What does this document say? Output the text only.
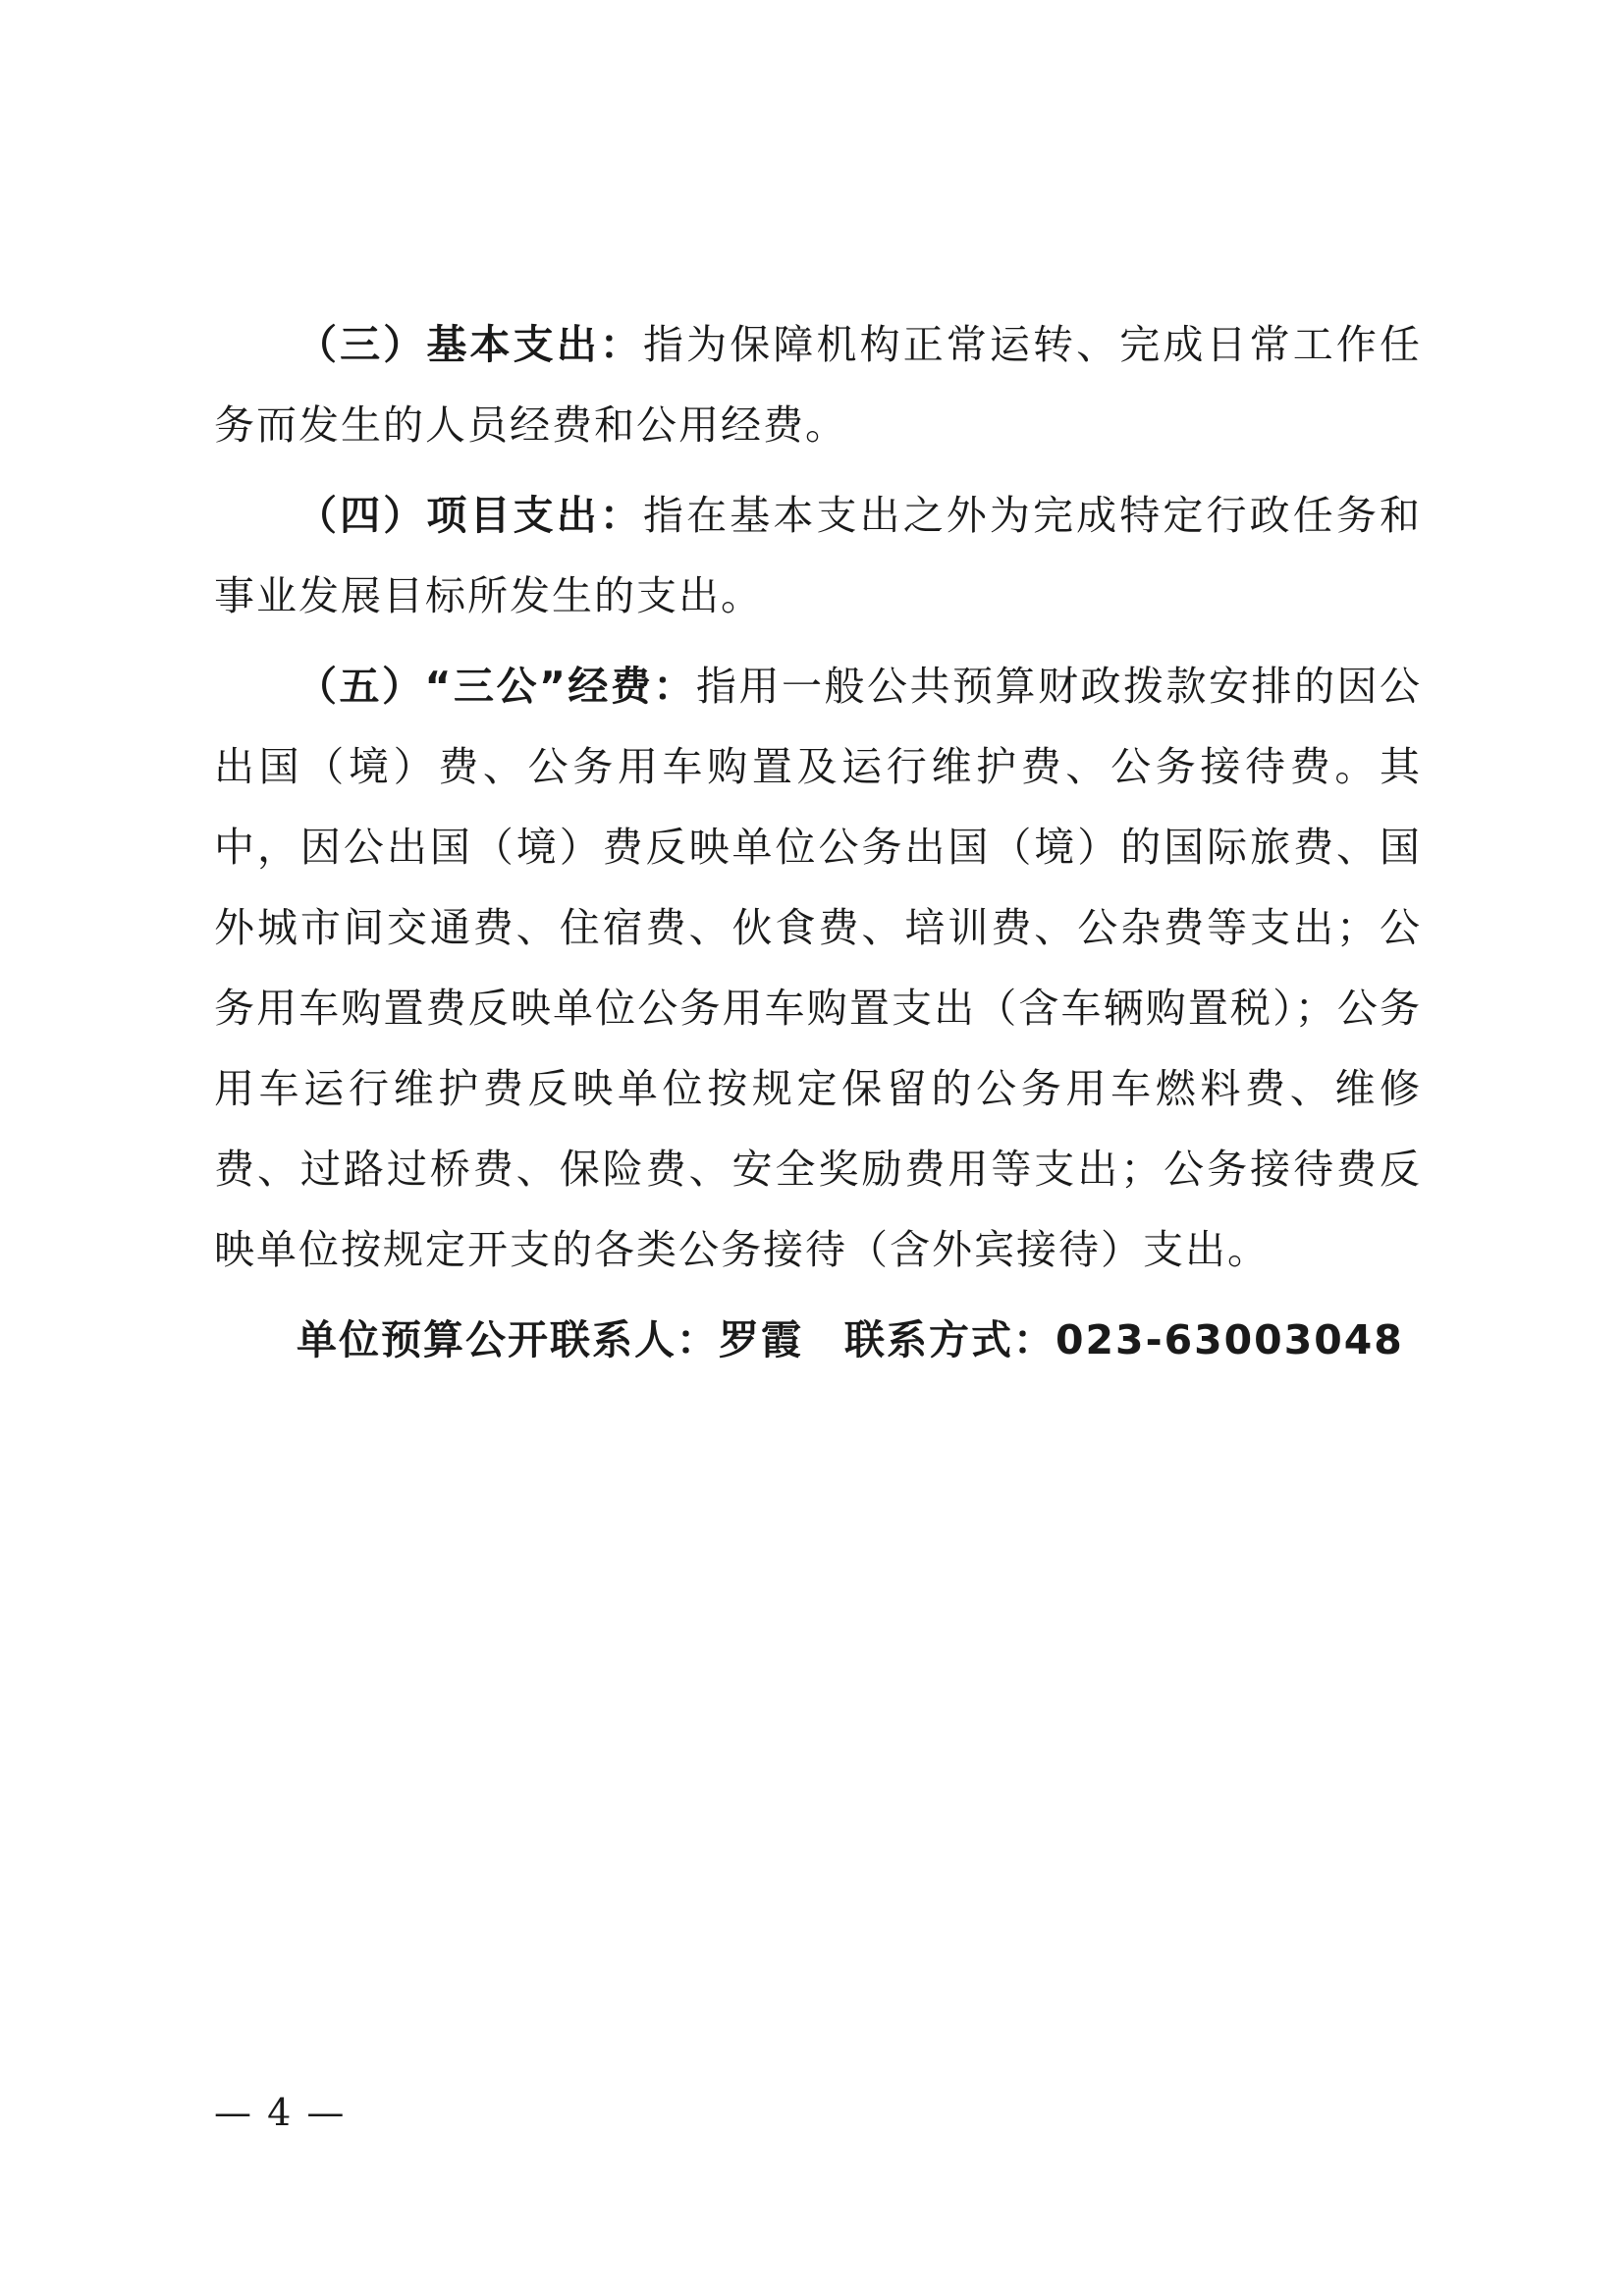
（三）基本支出：指为保障机构正常运转、完成日常工作任务而发生的人员经费和公用经费。

（四）项目支出：指在基本支出之外为完成特定行政任务和事业发展目标所发生的支出。

（五）“三公”经费：指用一般公共预算财政拨款安排的因公出国（境）费、公务用车购置及运行维护费、公务接待费。其中，因公出国（境）费反映单位公务出国（境）的国际旅费、国外城市间交通费、住宿费、伙食费、培训费、公杂费等支出；公务用车购置费反映单位公务用车购置支出（含车辆购置税）；公务用车运行维护费反映单位按规定保留的公务用车燃料费、维修费、过路过桥费、保险费、安全奖励费用等支出；公务接待费反映单位按规定开支的各类公务接待（含外宾接待）支出。

单位预算公开联系人：罗霞 联系方式：023-63003048
— 4 —
